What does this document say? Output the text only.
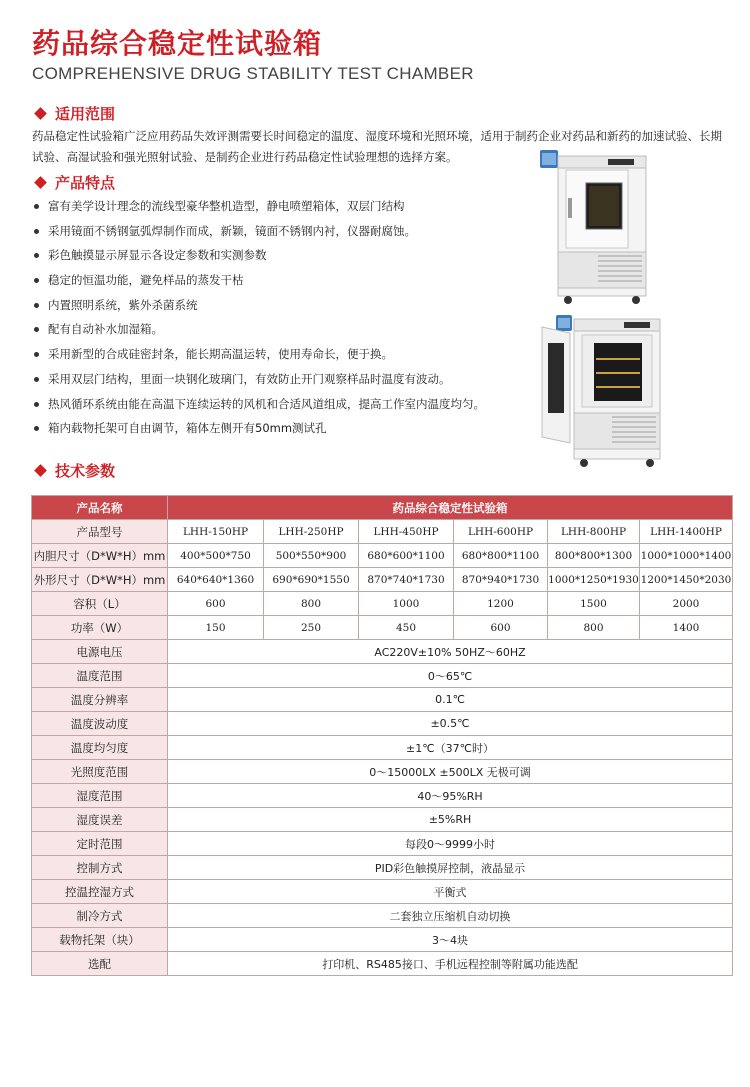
药品综合稳定性试验箱
COMPREHENSIVE DRUG STABILITY TEST CHAMBER
适用范围
药品稳定性试验箱广泛应用药品失效评测需要长时间稳定的温度、湿度环境和光照环境，适用于制药企业对药品和新药的加速试验、长期试验、高湿试验和强光照射试验、是制药企业进行药品稳定性试验理想的选择方案。
产品特点
富有美学设计理念的流线型豪华整机造型，静电喷塑箱体，双层门结构
采用镜面不锈钢氩弧焊制作而成，新颖，镜面不锈钢内衬，仪器耐腐蚀。
彩色触摸显示屏显示各设定参数和实测参数
稳定的恒温功能，避免样品的蒸发干枯
内置照明系统，紫外杀菌系统
配有自动补水加湿箱。
采用新型的合成硅密封条，能长期高温运转，使用寿命长，便于换。
采用双层门结构，里面一块钢化玻璃门，有效防止开门观察样品时温度有波动。
热风循环系统由能在高温下连续运转的风机和合适风道组成，提高工作室内温度均匀。
箱内载物托架可自由调节，箱体左侧开有50mm测试孔
技术参数
产品名称	药品综合稳定性试验箱					
产品型号	LHH-150HP	LHH-250HP	LHH-450HP	LHH-600HP	LHH-800HP	LHH-1400HP
内胆尺寸（D*W*H）mm	400*500*750	500*550*900	680*600*1100	680*800*1100	800*800*1300	1000*1000*1400
外形尺寸（D*W*H）mm	640*640*1360	690*690*1550	870*740*1730	870*940*1730	1000*1250*1930	1200*1450*2030
容积（L）	600	800	1000	1200	1500	2000
功率（W）	150	250	450	600	800	1400
电源电压	AC220V±10% 50HZ～60HZ					
温度范围	0～65℃					
温度分辨率	0.1℃					
温度波动度	±0.5℃					
温度均匀度	±1℃（37℃时）					
光照度范围	0～15000LX ±500LX 无极可调					
湿度范围	40～95%RH					
湿度误差	±5%RH					
定时范围	每段0～9999小时					
控制方式	PID彩色触摸屏控制，液晶显示					
控温控湿方式	平衡式					
制冷方式	二套独立压缩机自动切换					
载物托架（块）	3～4块					
选配	打印机、RS485接口、手机远程控制等附属功能选配					
